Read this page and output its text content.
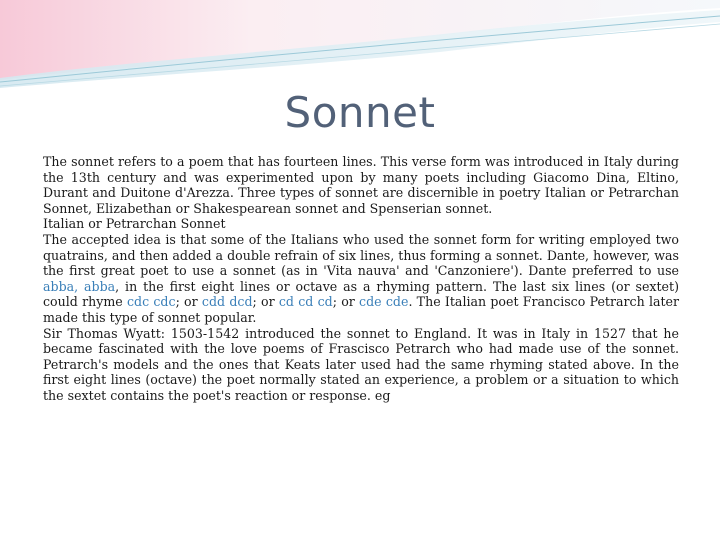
Sonnet

The sonnet refers to a poem that has fourteen lines. This verse form was introduced in Italy during the 13th century and was experimented upon by many poets including Giacomo Dina, Eltino, Durant and Duitone d'Arezza. Three types of sonnet are discernible in poetry Italian or Petrarchan Sonnet, Elizabethan or Shakespearean sonnet and Spenserian sonnet.

Italian or Petrarchan Sonnet

The accepted idea is that some of the Italians who used the sonnet form for writing employed two quatrains, and then added a double refrain of six lines, thus forming a sonnet. Dante, however, was the first great poet to use a sonnet (as in 'Vita nauva' and 'Canzoniere'). Dante preferred to use abba, abba, in the first eight lines or octave as a rhyming pattern. The last six lines (or sextet) could rhyme cdc cdc; or cdd dcd; or cd cd cd; or cde cde. The Italian poet Francisco Petrarch later made this type of sonnet popular.

Sir Thomas Wyatt: 1503-1542 introduced the sonnet to England. It was in Italy in 1527 that he became fascinated with the love poems of Frascisco Petrarch who had made use of the sonnet. Petrarch's models and the ones that Keats later used had the same rhyming stated above. In the first eight lines (octave) the poet normally stated an experience, a problem or a situation to which the sextet contains the poet's reaction or response. eg
